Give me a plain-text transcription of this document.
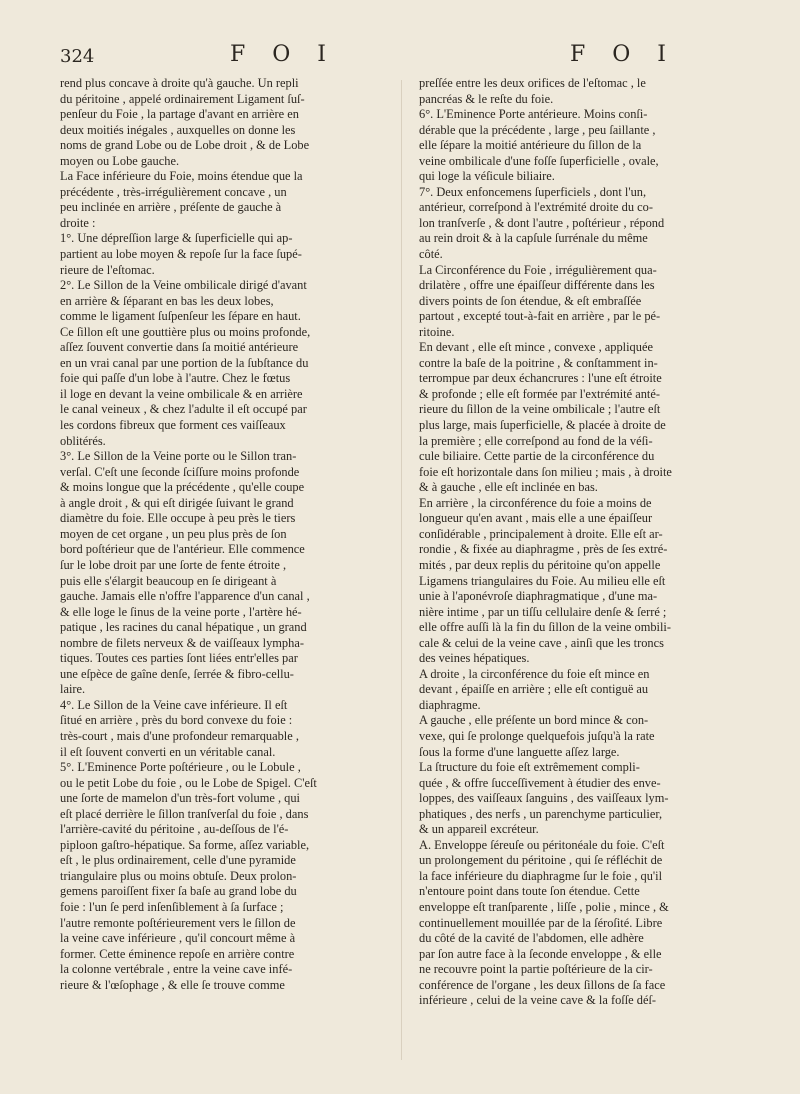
324	F O I	F O I
rend plus concave à droite qu'à gauche. Un repli
du péritoine , appelé ordinairement Ligament ſuſ-
penſeur du Foie , la partage d'avant en arrière en
deux moitiés inégales , auxquelles on donne les
noms de grand Lobe ou de Lobe droit , & de Lobe
moyen ou Lobe gauche.
La Face inférieure du Foie, moins étendue que la
précédente , très-irrégulièrement concave , un
peu inclinée en arrière , préſente de gauche à
droite :
1°. Une dépreſſion large & ſuperficielle qui ap-
partient au lobe moyen & repoſe ſur la face ſupé-
rieure de l'eſtomac.
2°. Le Sillon de la Veine ombilicale dirigé d'avant
en arrière & ſéparant en bas les deux lobes,
comme le ligament ſuſpenſeur les ſépare en haut.
Ce ſillon eſt une gouttière plus ou moins profonde,
aſſez ſouvent convertie dans ſa moitié antérieure
en un vrai canal par une portion de la ſubſtance du
foie qui paſſe d'un lobe à l'autre. Chez le fœtus
il loge en devant la veine ombilicale & en arrière
le canal veineux , & chez l'adulte il eſt occupé par
les cordons fibreux que forment ces vaiſſeaux
oblitérés.
3°. Le Sillon de la Veine porte ou le Sillon tran-
verſal. C'eſt une ſeconde ſciſſure moins profonde
& moins longue que la précédente , qu'elle coupe
à angle droit , & qui eſt dirigée ſuivant le grand
diamètre du foie. Elle occupe à peu près le tiers
moyen de cet organe , un peu plus près de ſon
bord poſtérieur que de l'antérieur. Elle commence
ſur le lobe droit par une ſorte de fente étroite ,
puis elle s'élargit beaucoup en ſe dirigeant à
gauche. Jamais elle n'offre l'apparence d'un canal ,
& elle loge le ſinus de la veine porte , l'artère hé-
patique , les racines du canal hépatique , un grand
nombre de filets nerveux & de vaiſſeaux lympha-
tiques. Toutes ces parties ſont liées entr'elles par
une eſpèce de gaîne denſe, ſerrée & fibro-cellu-
laire.
4°. Le Sillon de la Veine cave inférieure. Il eſt
ſitué en arrière , près du bord convexe du foie :
très-court , mais d'une profondeur remarquable ,
il eſt ſouvent converti en un véritable canal.
5°. L'Eminence Porte poſtérieure , ou le Lobule ,
ou le petit Lobe du foie , ou le Lobe de Spigel. C'eſt
une ſorte de mamelon d'un très-fort volume , qui
eſt placé derrière le ſillon tranſverſal du foie , dans
l'arrière-cavité du péritoine , au-deſſous de l'é-
piploon gaſtro-hépatique. Sa forme, aſſez variable,
eſt , le plus ordinairement, celle d'une pyramide
triangulaire plus ou moins obtuſe. Deux prolon-
gemens paroiſſent fixer ſa baſe au grand lobe du
foie : l'un ſe perd inſenſiblement à ſa ſurface ;
l'autre remonte poſtérieurement vers le ſillon de
la veine cave inférieure , qu'il concourt même à
former. Cette éminence repoſe en arrière contre
la colonne vertébrale , entre la veine cave infé-
rieure & l'œſophage , & elle ſe trouve comme
preſſée entre les deux orifices de l'eſtomac , le
pancréas & le reſte du foie.
6°. L'Eminence Porte antérieure. Moins conſi-
dérable que la précédente , large , peu ſaillante ,
elle ſépare la moitié antérieure du ſillon de la
veine ombilicale d'une foſſe ſuperficielle , ovale,
qui loge la véſicule biliaire.
7°. Deux enfoncemens ſuperficiels , dont l'un,
antérieur, correſpond à l'extrémité droite du co-
lon tranſverſe , & dont l'autre , poſtérieur , répond
au rein droit & à la capſule ſurrénale du même
côté.
La Circonférence du Foie , irrégulièrement qua-
drilatère , offre une épaiſſeur différente dans les
divers points de ſon étendue, & eſt embraſſée
partout , excepté tout-à-fait en arrière , par le pé-
ritoine.
En devant , elle eſt mince , convexe , appliquée
contre la baſe de la poitrine , & conſtamment in-
terrompue par deux échancrures : l'une eſt étroite
& profonde ; elle eſt formée par l'extrémité anté-
rieure du ſillon de la veine ombilicale ; l'autre eſt
plus large, mais ſuperficielle, & placée à droite de
la première ; elle correſpond au fond de la véſi-
cule biliaire. Cette partie de la circonférence du
foie eſt horizontale dans ſon milieu ; mais , à droite
& à gauche , elle eſt inclinée en bas.
En arrière , la circonférence du foie a moins de
longueur qu'en avant , mais elle a une épaiſſeur
conſidérable , principalement à droite. Elle eſt ar-
rondie , & fixée au diaphragme , près de ſes extré-
mités , par deux replis du péritoine qu'on appelle
Ligamens triangulaires du Foie. Au milieu elle eſt
unie à l'aponévroſe diaphragmatique , d'une ma-
nière intime , par un tiſſu cellulaire denſe & ſerré ;
elle offre auſſi là la fin du ſillon de la veine ombili-
cale & celui de la veine cave , ainſi que les troncs
des veines hépatiques.
A droite , la circonférence du foie eſt mince en
devant , épaiſſe en arrière ; elle eſt contiguë au
diaphragme.
A gauche , elle préſente un bord mince & con-
vexe, qui ſe prolonge quelquefois juſqu'à la rate
ſous la forme d'une languette aſſez large.
La ſtructure du foie eſt extrêmement compli-
quée , & offre ſucceſſivement à étudier des enve-
loppes, des vaiſſeaux ſanguins , des vaiſſeaux lym-
phatiques , des nerfs , un parenchyme particulier,
& un appareil excréteur.
A. Enveloppe ſéreuſe ou péritonéale du foie. C'eſt
un prolongement du péritoine , qui ſe réfléchit de
la face inférieure du diaphragme ſur le foie , qu'il
n'entoure point dans toute ſon étendue. Cette
enveloppe eſt tranſparente , liſſe , polie , mince , &
continuellement mouillée par de la ſéroſité. Libre
du côté de la cavité de l'abdomen, elle adhère
par ſon autre face à la ſeconde enveloppe , & elle
ne recouvre point la partie poſtérieure de la cir-
conférence de l'organe , les deux ſillons de ſa face
inférieure , celui de la veine cave & la foſſe déſ-
